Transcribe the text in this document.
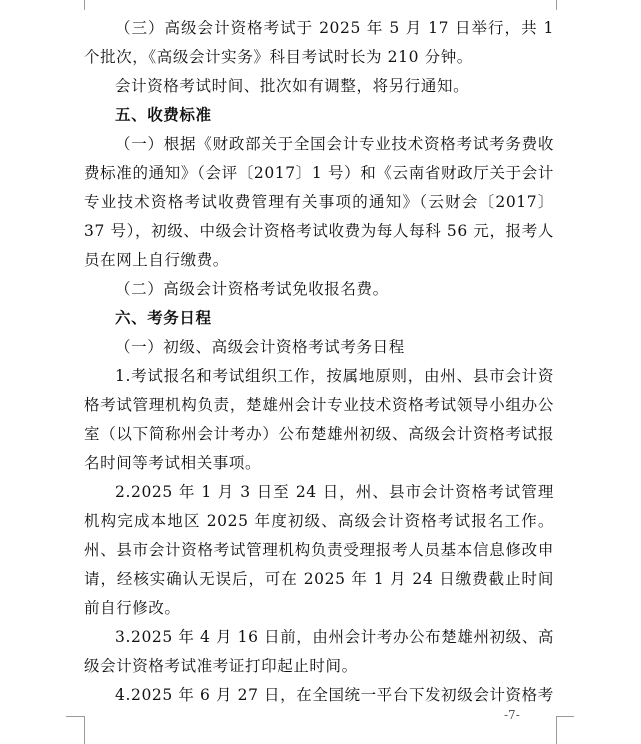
（三）高级会计资格考试于 2025 年 5 月 17 日举行，共 1 个批次，《高级会计实务》科目考试时长为 210 分钟。

会计资格考试时间、批次如有调整，将另行通知。

五、收费标准

（一）根据《财政部关于全国会计专业技术资格考试考务费收费标准的通知》（会评〔2017〕1 号）和《云南省财政厅关于会计专业技术资格考试收费管理有关事项的通知》（云财会〔2017〕37 号），初级、中级会计资格考试收费为每人每科 56 元，报考人员在网上自行缴费。

（二）高级会计资格考试免收报名费。

六、考务日程

（一）初级、高级会计资格考试考务日程

1.考试报名和考试组织工作，按属地原则，由州、县市会计资格考试管理机构负责，楚雄州会计专业技术资格考试领导小组办公室（以下简称州会计考办）公布楚雄州初级、高级会计资格考试报名时间等考试相关事项。

2.2025 年 1 月 3 日至 24 日，州、县市会计资格考试管理机构完成本地区 2025 年度初级、高级会计资格考试报名工作。州、县市会计资格考试管理机构负责受理报考人员基本信息修改申请，经核实确认无误后，可在 2025 年 1 月 24 日缴费截止时间前自行修改。

3.2025 年 4 月 16 日前，由州会计考办公布楚雄州初级、高级会计资格考试准考证打印起止时间。

4.2025 年 6 月 27 日，在全国统一平台下发初级会计资格考

-7-
